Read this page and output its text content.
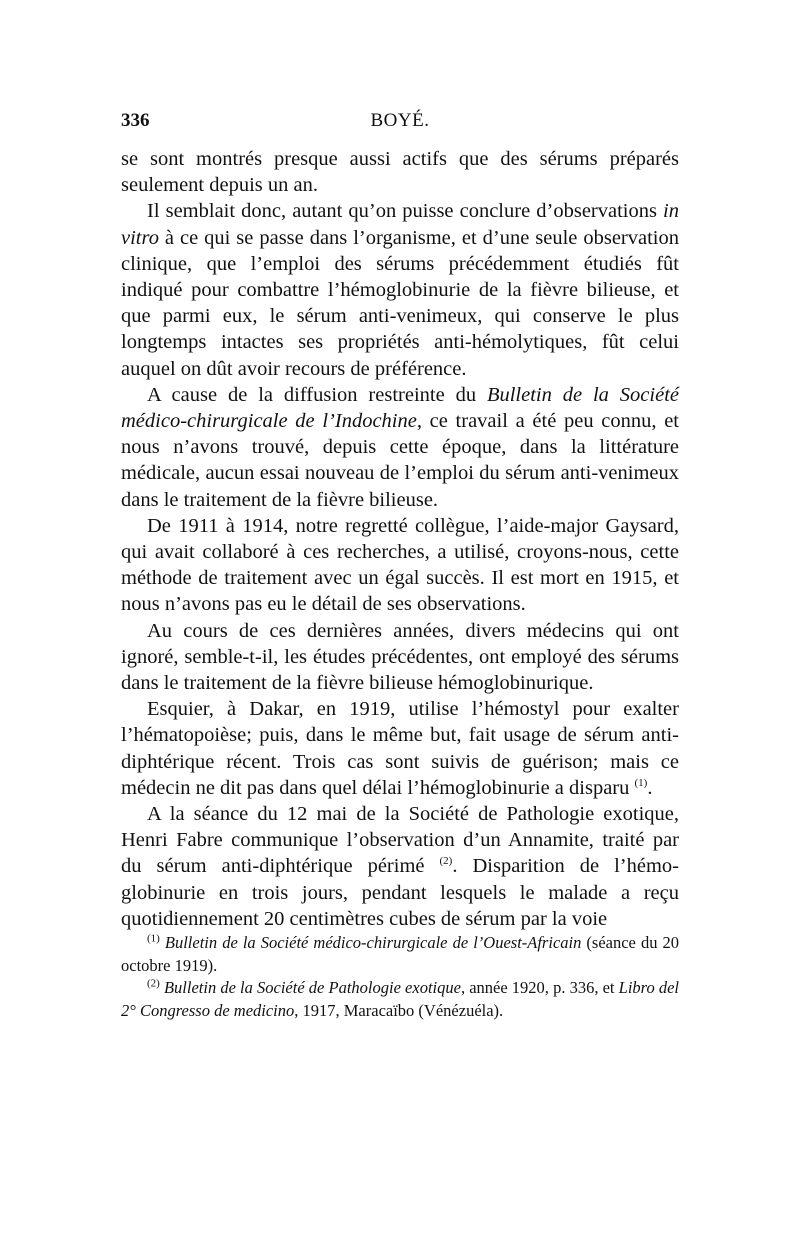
BOYÉ.
336

se sont montrés presque aussi actifs que des sérums préparés seulement depuis un an.

Il semblait donc, autant qu’on puisse conclure d’observations in vitro à ce qui se passe dans l’organisme, et d’une seule observation clinique, que l’emploi des sérums précédemment étudiés fût indiqué pour combattre l’hémoglobinurie de la fièvre bilieuse, et que parmi eux, le sérum anti-venimeux, qui conserve le plus longtemps intactes ses propriétés anti-hémolytiques, fût celui auquel on dût avoir recours de préférence.

A cause de la diffusion restreinte du Bulletin de la Société médico-chirurgicale de l’Indochine, ce travail a été peu connu, et nous n’avons trouvé, depuis cette époque, dans la littérature médicale, aucun essai nouveau de l’emploi du sérum anti-venimeux dans le traitement de la fièvre bilieuse.

De 1911 à 1914, notre regretté collègue, l’aide-major Gaysard, qui avait collaboré à ces recherches, a utilisé, croyons-nous, cette méthode de traitement avec un égal succès. Il est mort en 1915, et nous n’avons pas eu le détail de ses observations.

Au cours de ces dernières années, divers médecins qui ont ignoré, semble-t-il, les études précédentes, ont employé des sérums dans le traitement de la fièvre bilieuse hémoglobinurique.

Esquier, à Dakar, en 1919, utilise l’hémostyl pour exalter l’hématopoièse; puis, dans le même but, fait usage de sérum anti-diphtérique récent. Trois cas sont suivis de guérison; mais ce médecin ne dit pas dans quel délai l’hémoglobinurie a disparu $^{(1)}$.

A la séance du 12 mai de la Société de Pathologie exotique, Henri Fabre communique l’observation d’un Annamite, traité par du sérum anti-diphtérique périmé $^{(2)}$. Disparition de l’hémoglobinurie en trois jours, pendant lesquels le malade a reçu quotidiennement 20 centimètres cubes de sérum par la voie

$^{(1)}$ Bulletin de la Société médico-chirurgicale de l’Ouest-Africain (séance du 20 octobre 1919).

$^{(2)}$ Bulletin de la Société de Pathologie exotique, année 1920, p. 336, et Libro del 2° Congresso de medicino, 1917, Maracaïbo (Vénézuéla).
